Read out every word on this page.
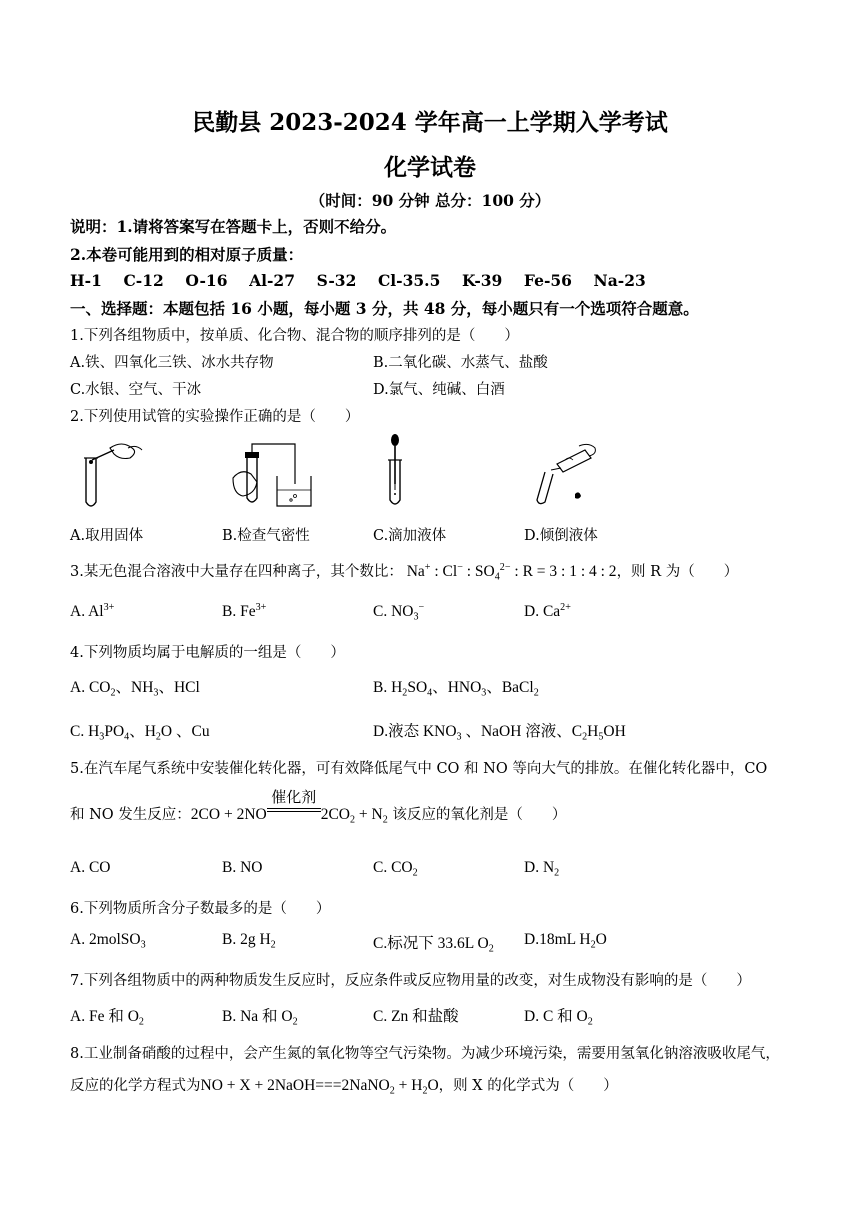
民勤县 2023-2024 学年高一上学期入学考试
化学试卷
（时间：90 分钟 总分：100 分）
说明：1.请将答案写在答题卡上，否则不给分。
2.本卷可能用到的相对原子质量：
H-1 C-12 O-16 Al-27 S-32 Cl-35.5 K-39 Fe-56 Na-23
一、选择题：本题包括 16 小题，每小题 3 分，共 48 分，每小题只有一个选项符合题意。
1.下列各组物质中，按单质、化合物、混合物的顺序排列的是（　　）
A.铁、四氧化三铁、冰水共存物	B.二氧化碳、水蒸气、盐酸
C.水银、空气、干冰	D.氯气、纯碱、白酒
2.下列使用试管的实验操作正确的是（　　）
A.取用固体	B.检查气密性	C.滴加液体	D.倾倒液体
3.某无色混合溶液中大量存在四种离子，其个数比： Na+ : Cl− : $SO_4^{2-}$ : R = 3 : 1 : 4 : 2，则 R 为（　　）
A. $Al^{3+}$	B. $Fe^{3+}$	C. $NO_3^-$	D. $Ca^{2+}$
4.下列物质均属于电解质的一组是（　　）
A. $CO_2$、$NH_3$、HCl	B. $H_2SO_4$、$HNO_3$、BaCl$_2$
C. $H_3PO_4$、$H_2O$ 、Cu	D.液态 $KNO_3$ 、NaOH 溶液、$C_2H_5OH$
5.在汽车尾气系统中安装催化转化器，可有效降低尾气中 CO 和 NO 等向大气的排放。在催化转化器中，CO
和 NO 发生反应：2CO + 2NO
催化剂
$2CO_2 + N_2$ 该反应的氧化剂是（　　）
A. CO	B. NO	C. $CO_2$	D. $N_2$
6.下列物质所含分子数最多的是（　　）
A. 2molSO$_3$	B. 2g $H_2$	C.标况下 33.6L $O_2$
D.18mL $H_2O$
7.下列各组物质中的两种物质发生反应时，反应条件或反应物用量的改变，对生成物没有影响的是（　　）
A. Fe 和 $O_2$	B. Na 和 $O_2$	C. Zn 和盐酸	D. C 和 $O_2$
8.工业制备硝酸的过程中，会产生氮的氧化物等空气污染物。为减少环境污染，需要用氢氧化钠溶液吸收尾气，
反应的化学方程式为NO + X + 2NaOH===2NaNO$_2$ + $H_2O$，则 X 的化学式为（　　）
